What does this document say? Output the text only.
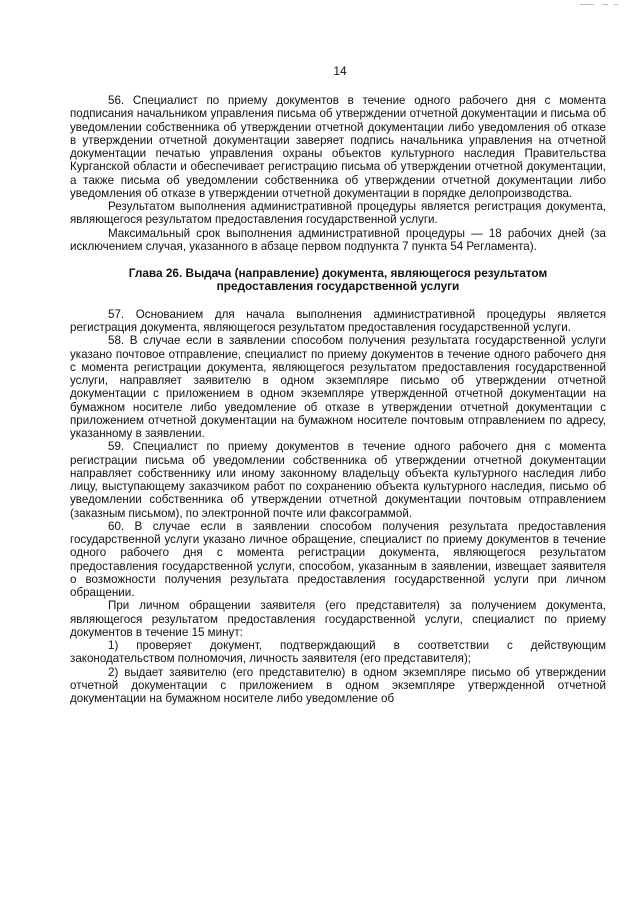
14

56. Специалист по приему документов в течение одного рабочего дня с момента подписания начальником управления письма об утверждении отчетной документации и письма об уведомлении собственника об утверждении отчетной документации либо уведомления об отказе в утверждении отчетной документации заверяет подпись начальника управления на отчетной документации печатью управления охраны объектов культурного наследия Правительства Курганской области и обеспечивает регистрацию письма об утверждении отчетной документации, а также письма об уведомлении собственника об утверждении отчетной документации либо уведомления об отказе в утверждении отчетной документации в порядке делопроизводства.

Результатом выполнения административной процедуры является регистрация документа, являющегося результатом предоставления государственной услуги.

Максимальный срок выполнения административной процедуры — 18 рабочих дней (за исключением случая, указанного в абзаце первом подпункта 7 пункта 54 Регламента).

Глава 26. Выдача (направление) документа, являющегося результатом предоставления государственной услуги

57. Основанием для начала выполнения административной процедуры является регистрация документа, являющегося результатом предоставления государственной услуги.

58. В случае если в заявлении способом получения результата государственной услуги указано почтовое отправление, специалист по приему документов в течение одного рабочего дня с момента регистрации документа, являющегося результатом предоставления государственной услуги, направляет заявителю в одном экземпляре письмо об утверждении отчетной документации с приложением в одном экземпляре утвержденной отчетной документации на бумажном носителе либо уведомление об отказе в утверждении отчетной документации с приложением отчетной документации на бумажном носителе почтовым отправлением по адресу, указанному в заявлении.

59. Специалист по приему документов в течение одного рабочего дня с момента регистрации письма об уведомлении собственника об утверждении отчетной документации направляет собственнику или иному законному владельцу объекта культурного наследия либо лицу, выступающему заказчиком работ по сохранению объекта культурного наследия, письмо об уведомлении собственника об утверждении отчетной документации почтовым отправлением (заказным письмом), по электронной почте или факсограммой.

60. В случае если в заявлении способом получения результата предоставления государственной услуги указано личное обращение, специалист по приему документов в течение одного рабочего дня с момента регистрации документа, являющегося результатом предоставления государственной услуги, способом, указанным в заявлении, извещает заявителя о возможности получения результата предоставления государственной услуги при личном обращении.

При личном обращении заявителя (его представителя) за получением документа, являющегося результатом предоставления государственной услуги, специалист по приему документов в течение 15 минут:

1) проверяет документ, подтверждающий в соответствии с действующим законодательством полномочия, личность заявителя (его представителя);

2) выдает заявителю (его представителю) в одном экземпляре письмо об утверждении отчетной документации с приложением в одном экземпляре утвержденной отчетной документации на бумажном носителе либо уведомление об
